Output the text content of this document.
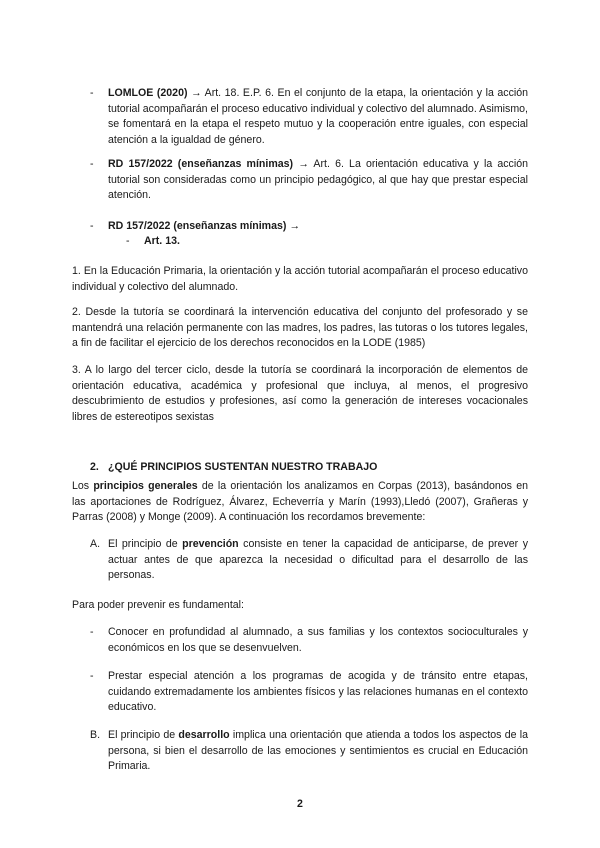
- LOMLOE (2020) → Art. 18. E.P. 6. En el conjunto de la etapa, la orientación y la acción tutorial acompañarán el proceso educativo individual y colectivo del alumnado. Asimismo, se fomentará en la etapa el respeto mutuo y la cooperación entre iguales, con especial atención a la igualdad de género.
- RD 157/2022 (enseñanzas mínimas) → Art. 6. La orientación educativa y la acción tutorial son consideradas como un principio pedagógico, al que hay que prestar especial atención.
- RD 157/2022 (enseñanzas mínimas) →
- Art. 13.

1. En la Educación Primaria, la orientación y la acción tutorial acompañarán el proceso educativo individual y colectivo del alumnado.

2. Desde la tutoría se coordinará la intervención educativa del conjunto del profesorado y se mantendrá una relación permanente con las madres, los padres, las tutoras o los tutores legales, a fin de facilitar el ejercicio de los derechos reconocidos en la LODE (1985)

3. A lo largo del tercer ciclo, desde la tutoría se coordinará la incorporación de elementos de orientación educativa, académica y profesional que incluya, al menos, el progresivo descubrimiento de estudios y profesiones, así como la generación de intereses vocacionales libres de estereotipos sexistas

2. ¿QUÉ PRINCIPIOS SUSTENTAN NUESTRO TRABAJO

Los principios generales de la orientación los analizamos en Corpas (2013), basándonos en las aportaciones de Rodríguez, Álvarez, Echeverría y Marín (1993),Lledó (2007), Grañeras y Parras (2008) y Monge (2009). A continuación los recordamos brevemente:

A. El principio de prevención consiste en tener la capacidad de anticiparse, de prever y actuar antes de que aparezca la necesidad o dificultad para el desarrollo de las personas.

Para poder prevenir es fundamental:

- Conocer en profundidad al alumnado, a sus familias y los contextos socioculturales y económicos en los que se desenvuelven.
- Prestar especial atención a los programas de acogida y de tránsito entre etapas, cuidando extremadamente los ambientes físicos y las relaciones humanas en el contexto educativo.
B. El principio de desarrollo implica una orientación que atienda a todos los aspectos de la persona, si bien el desarrollo de las emociones y sentimientos es crucial en Educación Primaria.
2
